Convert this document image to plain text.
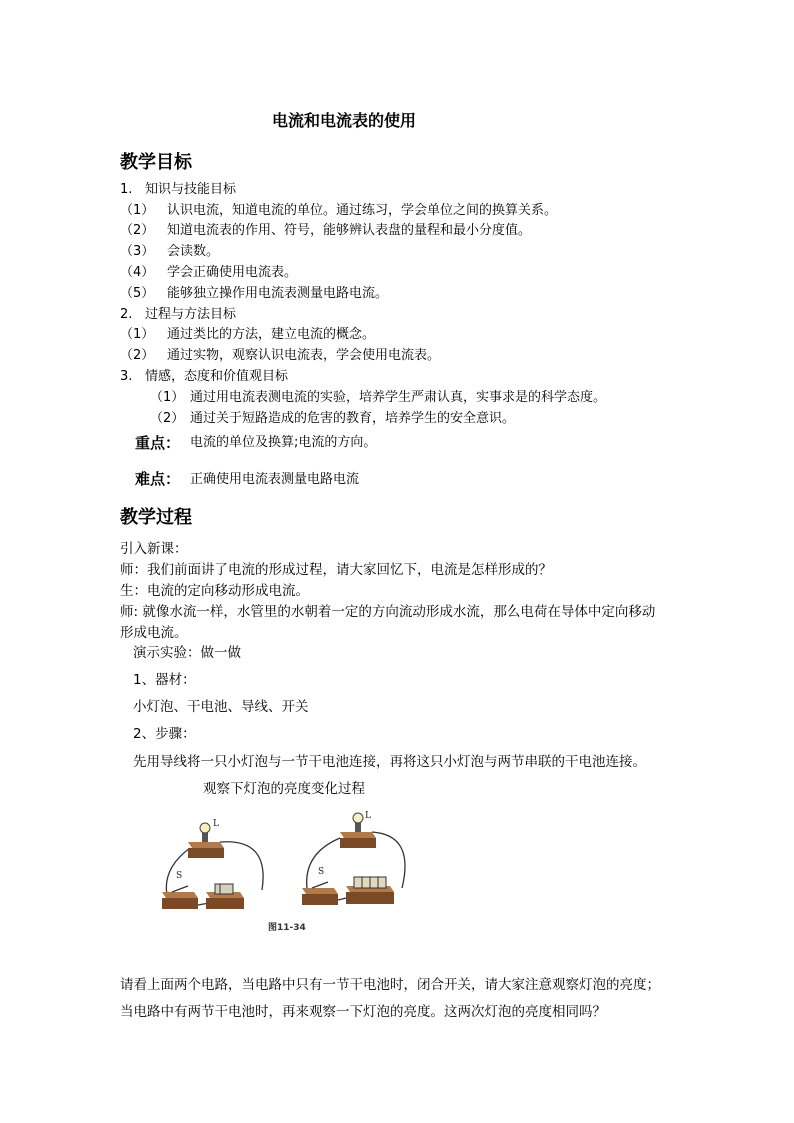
电流和电流表的使用
教学目标
1. 知识与技能目标
（1） 认识电流，知道电流的单位。通过练习，学会单位之间的换算关系。
（2） 知道电流表的作用、符号，能够辨认表盘的量程和最小分度值。
（3） 会读数。
（4） 学会正确使用电流表。
（5） 能够独立操作用电流表测量电路电流。
2. 过程与方法目标
（1） 通过类比的方法，建立电流的概念。
（2） 通过实物，观察认识电流表，学会使用电流表。
3. 情感，态度和价值观目标
（1） 通过用电流表测电流的实验，培养学生严肃认真，实事求是的科学态度。
（2） 通过关于短路造成的危害的教育，培养学生的安全意识。
重点： 电流的单位及换算;电流的方向。
难点： 正确使用电流表测量电路电流
教学过程
引入新课：
师：我们前面讲了电流的形成过程，请大家回忆下，电流是怎样形成的？
生：电流的定向移动形成电流。
师: 就像水流一样，水管里的水朝着一定的方向流动形成水流，那么电荷在导体中定向移动
形成电流。
演示实验：做一做
1、器材：
小灯泡、干电池、导线、开关
2、步骤：
先用导线将一只小灯泡与一节干电池连接，再将这只小灯泡与两节串联的干电池连接。
观察下灯泡的亮度变化过程
L
S
L
S
图11-34
请看上面两个电路，当电路中只有一节干电池时，闭合开关，请大家注意观察灯泡的亮度；
当电路中有两节干电池时，再来观察一下灯泡的亮度。这两次灯泡的亮度相同吗？
